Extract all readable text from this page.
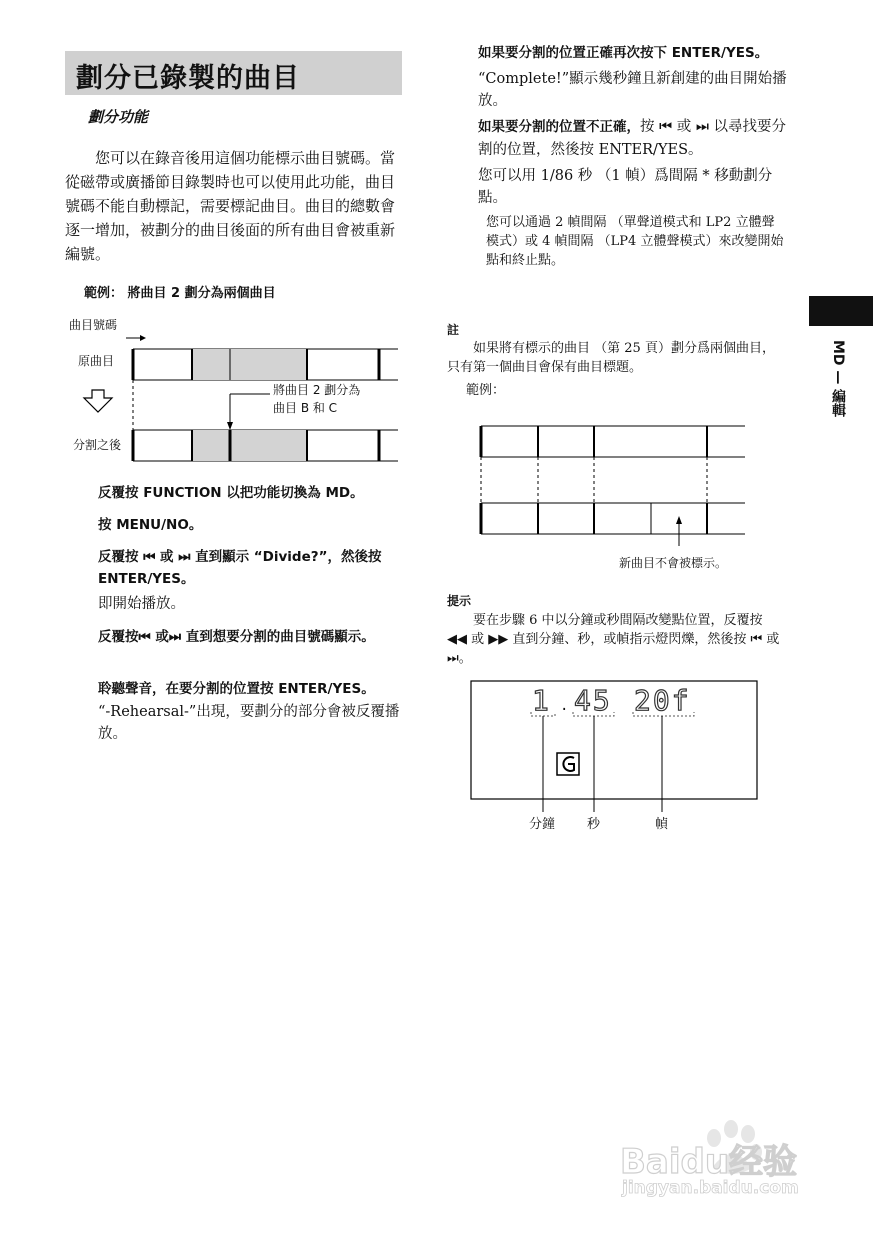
劃分已錄製的曲目
劃分功能
您可以在錄音後用這個功能標示曲目號碼。當從磁帶或廣播節目錄製時也可以使用此功能，曲目號碼不能自動標記，需要標記曲目。曲目的總數會逐一增加，被劃分的曲目後面的所有曲目會被重新編號。
範例： 將曲目 2 劃分為兩個曲目
曲目號碼
原曲目
分割之後
將曲目 2 劃分為
曲目 B 和 C
反覆按 FUNCTION 以把功能切換為 MD。
按 MENU/NO。
反覆按 ⏮ 或 ⏭ 直到顯示 “Divide?”，然後按 ENTER/YES。
即開始播放。
反覆按⏮ 或⏭ 直到想要分割的曲目號碼顯示。
聆聽聲音，在要分割的位置按 ENTER/YES。
“-Rehearsal-”出現，要劃分的部分會被反覆播放。
如果要分割的位置正確再次按下 ENTER/YES。
“Complete!”顯示幾秒鐘且新創建的曲目開始播放。
如果要分割的位置不正確，按 ⏮ 或 ⏭ 以尋找要分割的位置，然後按 ENTER/YES。
您可以用 1/86 秒 （1 幀）爲間隔 * 移動劃分點。
您可以通過 2 幀間隔 （單聲道模式和 LP2 立體聲模式）或 4 幀間隔 （LP4 立體聲模式）來改變開始點和終止點。
註
如果將有標示的曲目 （第 25 頁）劃分爲兩個曲目，只有第一個曲目會保有曲目標題。
範例：
新曲目不會被標示。
提示
要在步驟 6 中以分鐘或秒間隔改變點位置，反覆按 ◀◀ 或 ▶▶ 直到分鐘、秒，或幀指示燈閃爍，然後按 ⏮ 或 ⏭。
1 . 45 20f
分鐘 秒	幀
MD — 編輯
Baidu经验
jingyan.baidu.com
